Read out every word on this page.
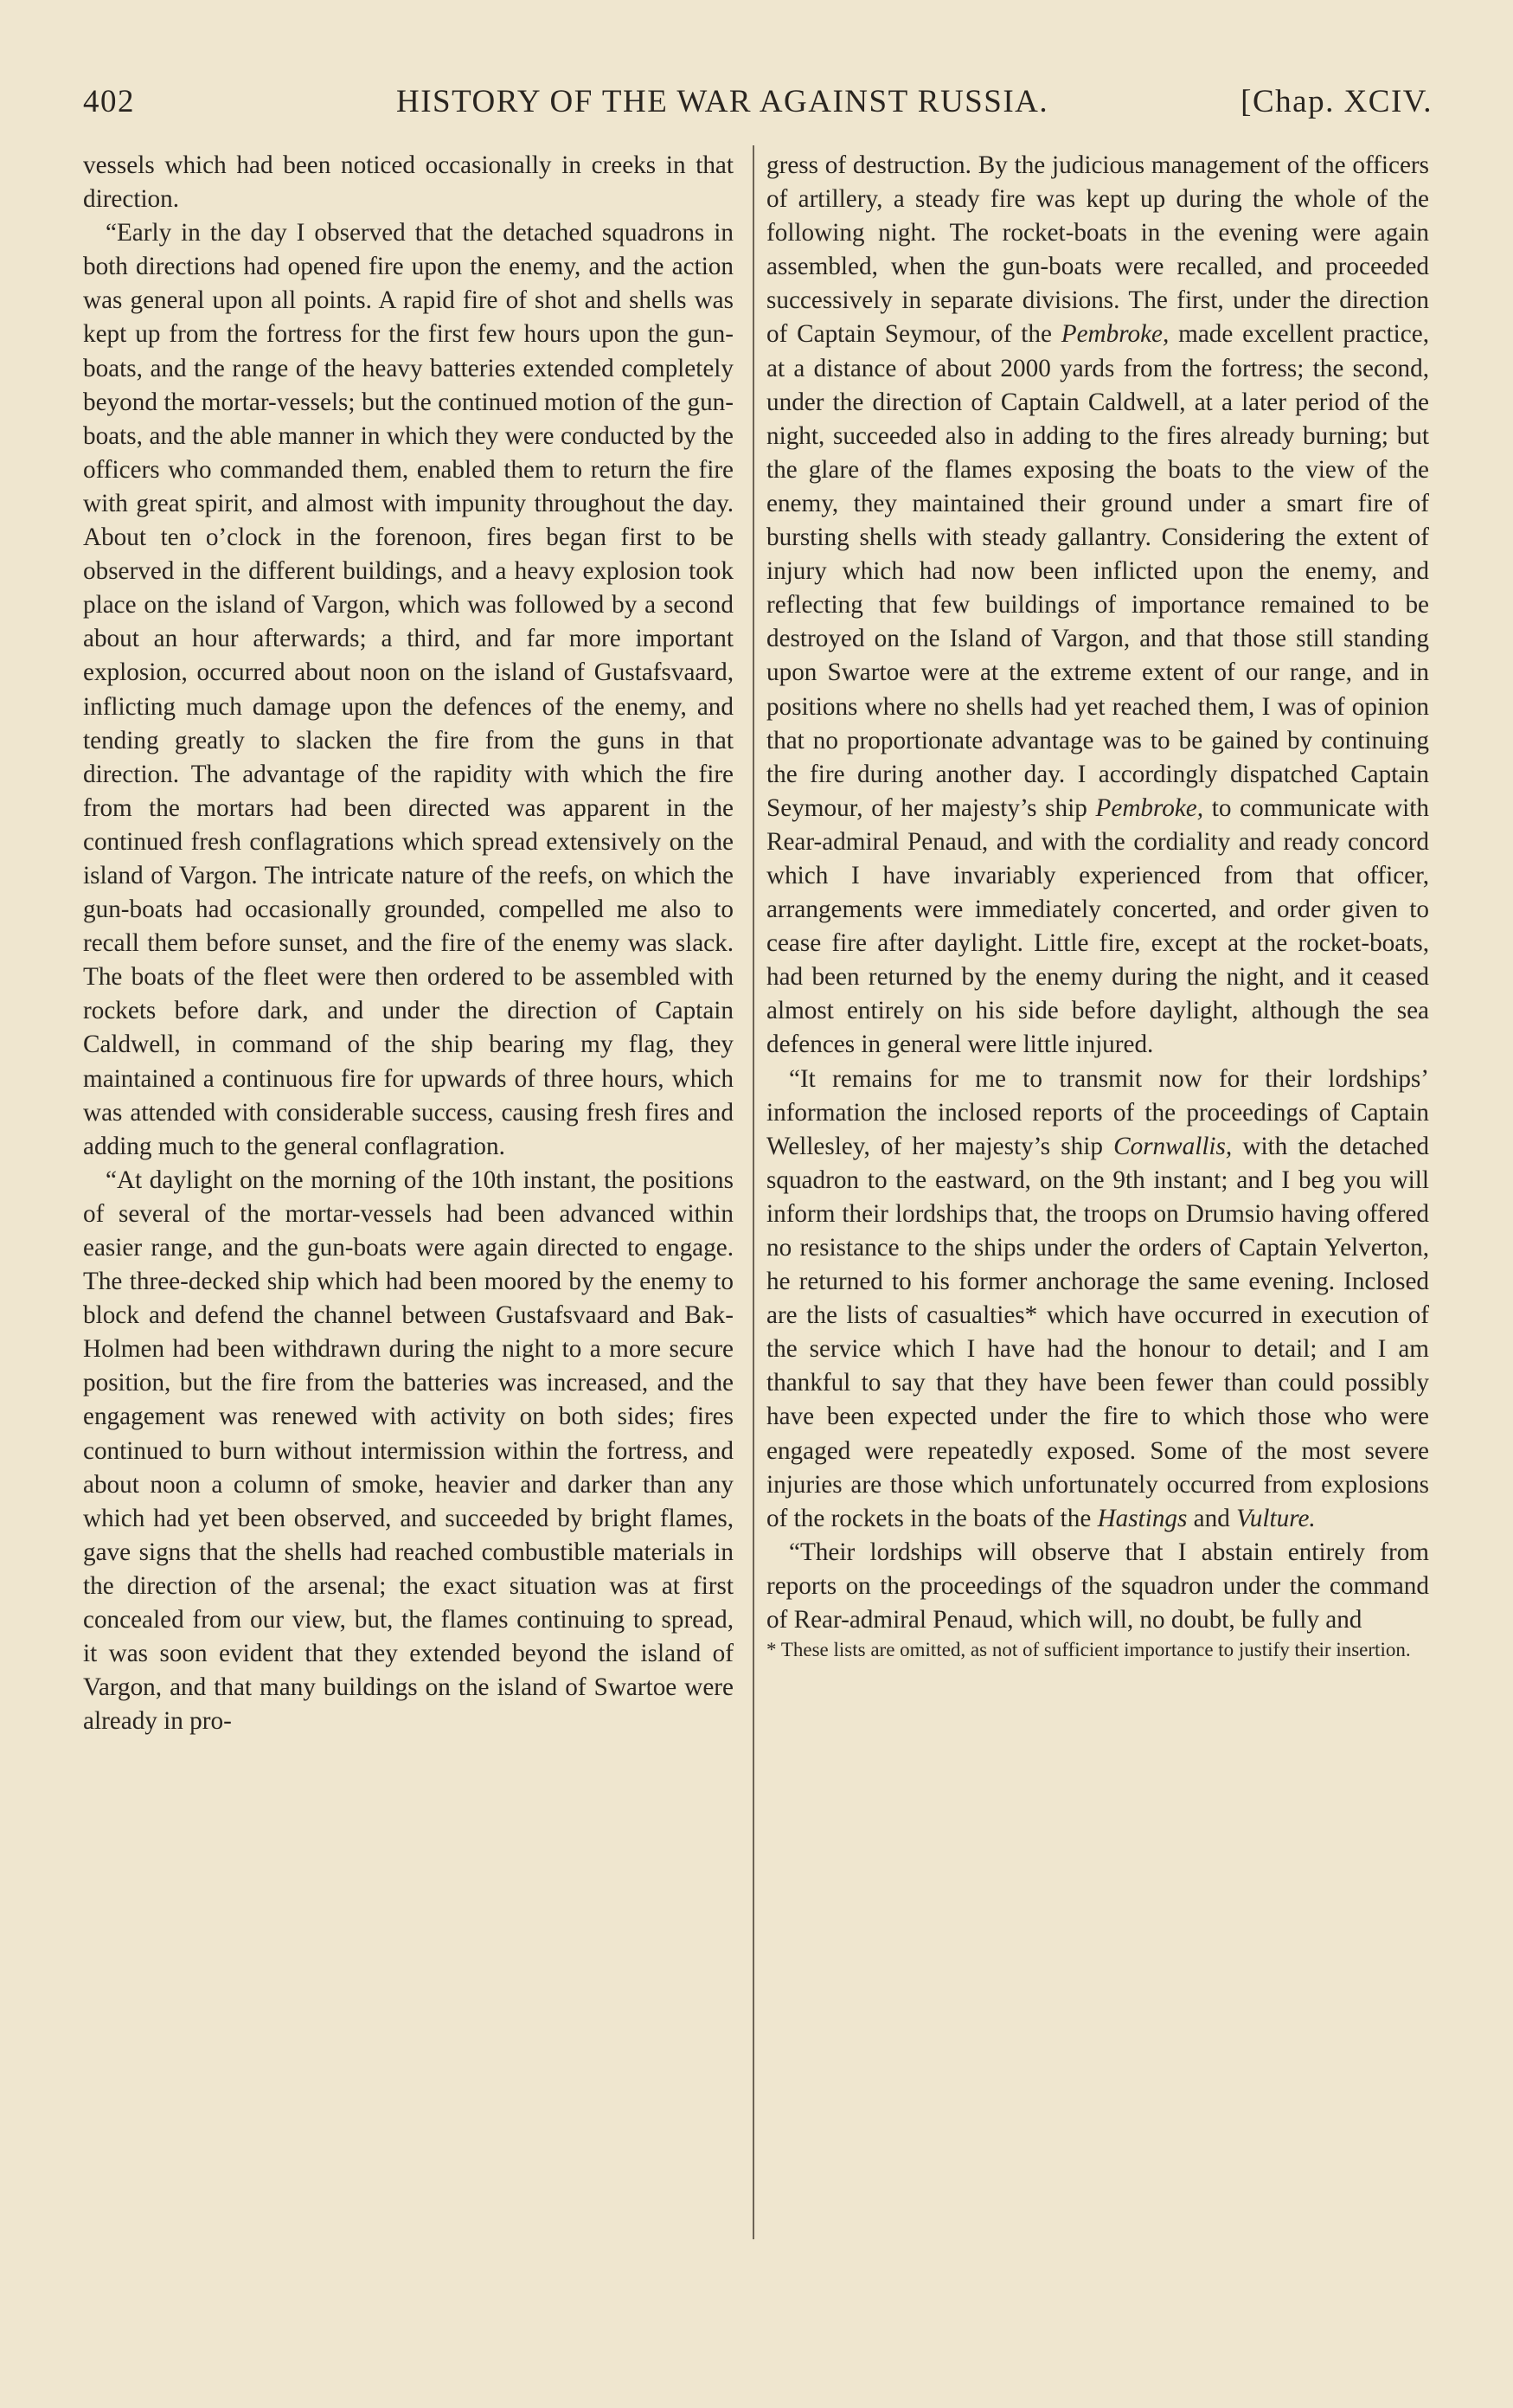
402	HISTORY OF THE WAR AGAINST RUSSIA.	[Chap. XCIV.

vessels which had been noticed occasionally in creeks in that direction.

“Early in the day I observed that the detached squadrons in both directions had opened fire upon the enemy, and the action was general upon all points. A rapid fire of shot and shells was kept up from the fortress for the first few hours upon the gun-boats, and the range of the heavy batteries extended completely beyond the mortar-vessels; but the continued motion of the gun-boats, and the able manner in which they were conducted by the officers who commanded them, enabled them to return the fire with great spirit, and almost with impunity throughout the day. About ten o’clock in the forenoon, fires began first to be observed in the different buildings, and a heavy explosion took place on the island of Vargon, which was followed by a second about an hour afterwards; a third, and far more important explosion, occurred about noon on the island of Gustafsvaard, inflicting much damage upon the defences of the enemy, and tending greatly to slacken the fire from the guns in that direction. The advantage of the rapidity with which the fire from the mortars had been directed was apparent in the continued fresh conflagrations which spread extensively on the island of Vargon. The intricate nature of the reefs, on which the gun-boats had occasionally grounded, compelled me also to recall them before sunset, and the fire of the enemy was slack. The boats of the fleet were then ordered to be assembled with rockets before dark, and under the direction of Captain Caldwell, in command of the ship bearing my flag, they maintained a continuous fire for upwards of three hours, which was attended with considerable success, causing fresh fires and adding much to the general conflagration.

“At daylight on the morning of the 10th instant, the positions of several of the mortar-vessels had been advanced within easier range, and the gun-boats were again directed to engage. The three-decked ship which had been moored by the enemy to block and defend the channel between Gustafsvaard and Bak-Holmen had been withdrawn during the night to a more secure position, but the fire from the batteries was increased, and the engagement was renewed with activity on both sides; fires continued to burn without intermission within the fortress, and about noon a column of smoke, heavier and darker than any which had yet been observed, and succeeded by bright flames, gave signs that the shells had reached combustible materials in the direction of the arsenal; the exact situation was at first concealed from our view, but, the flames continuing to spread, it was soon evident that they extended beyond the island of Vargon, and that many buildings on the island of Swartoe were already in pro-

gress of destruction. By the judicious management of the officers of artillery, a steady fire was kept up during the whole of the following night. The rocket-boats in the evening were again assembled, when the gun-boats were recalled, and proceeded successively in separate divisions. The first, under the direction of Captain Seymour, of the Pembroke, made excellent practice, at a distance of about 2000 yards from the fortress; the second, under the direction of Captain Caldwell, at a later period of the night, succeeded also in adding to the fires already burning; but the glare of the flames exposing the boats to the view of the enemy, they maintained their ground under a smart fire of bursting shells with steady gallantry. Considering the extent of injury which had now been inflicted upon the enemy, and reflecting that few buildings of importance remained to be destroyed on the Island of Vargon, and that those still standing upon Swartoe were at the extreme extent of our range, and in positions where no shells had yet reached them, I was of opinion that no proportionate advantage was to be gained by continuing the fire during another day. I accordingly dispatched Captain Seymour, of her majesty’s ship Pembroke, to communicate with Rear-admiral Penaud, and with the cordiality and ready concord which I have invariably experienced from that officer, arrangements were immediately concerted, and order given to cease fire after daylight. Little fire, except at the rocket-boats, had been returned by the enemy during the night, and it ceased almost entirely on his side before daylight, although the sea defences in general were little injured.

“It remains for me to transmit now for their lordships’ information the inclosed reports of the proceedings of Captain Wellesley, of her majesty’s ship Cornwallis, with the detached squadron to the eastward, on the 9th instant; and I beg you will inform their lordships that, the troops on Drumsio having offered no resistance to the ships under the orders of Captain Yelverton, he returned to his former anchorage the same evening. Inclosed are the lists of casualties* which have occurred in execution of the service which I have had the honour to detail; and I am thankful to say that they have been fewer than could possibly have been expected under the fire to which those who were engaged were repeatedly exposed. Some of the most severe injuries are those which unfortunately occurred from explosions of the rockets in the boats of the Hastings and Vulture.

“Their lordships will observe that I abstain entirely from reports on the proceedings of the squadron under the command of Rear-admiral Penaud, which will, no doubt, be fully and

* These lists are omitted, as not of sufficient importance to justify their insertion.
